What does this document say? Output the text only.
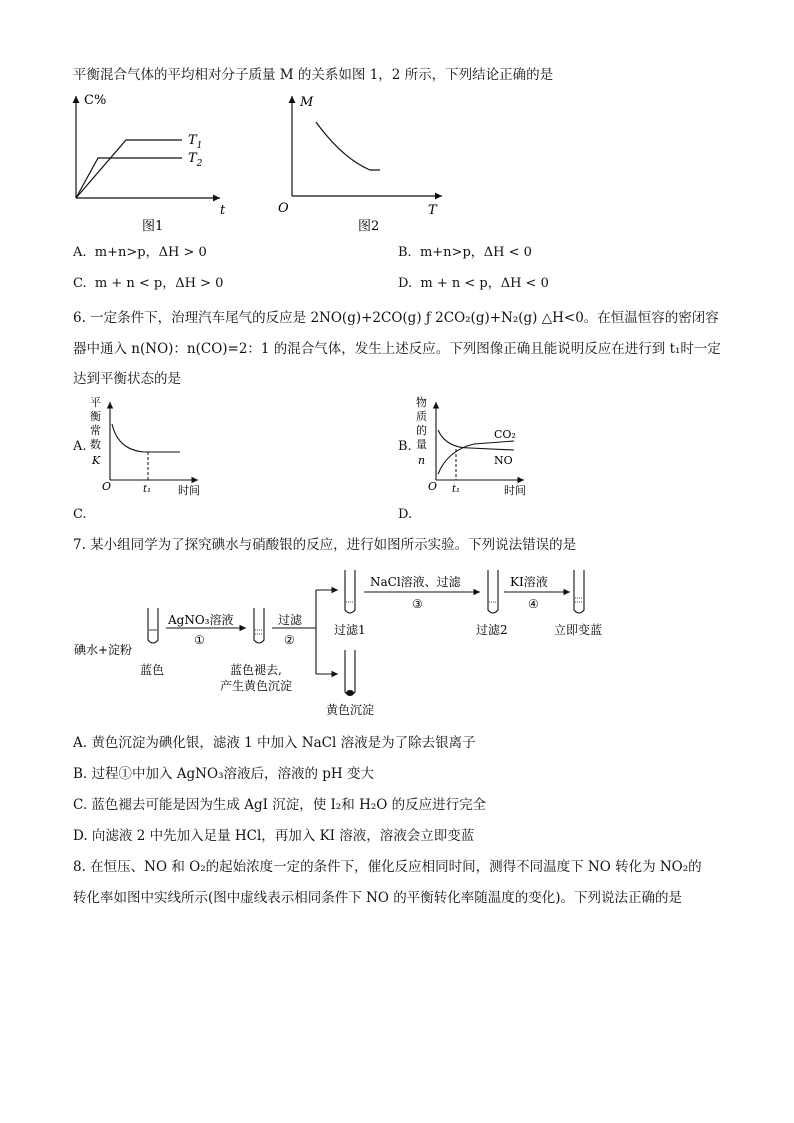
平衡混合气体的平均相对分子质量 M 的关系如图 1，2 所示，下列结论正确的是
C%
t
$T_1$
$T_2$
图1
M
T
O
图2
A. m+n>p，ΔH > 0	B. m+n>p，ΔH < 0
C. m + n < p，ΔH > 0	D. m + n < p，ΔH < 0
6. 一定条件下，治理汽车尾气的反应是 2NO(g)+2CO(g) ƒ 2CO₂(g)+N₂(g) △H<0。在恒温恒容的密闭容
器中通入 n(NO)：n(CO)=2：1 的混合气体，发生上述反应。下列图像正确且能说明反应在进行到 t₁时一定
达到平衡状态的是
A.
平
衡
常
数
K
O	t₁ 时间
B.
物
质
的
量
n
O t₁
CO₂
NO
时间
C.	D.
7. 某小组同学为了探究碘水与硝酸银的反应，进行如图所示实验。下列说法错误的是
碘水+淀粉
蓝色
AgNO₃溶液
①
蓝色褪去,
产生黄色沉淀
过滤
②
过滤1
黄色沉淀
NaCl溶液、过滤
③
过滤2
KI溶液
④
立即变蓝
A. 黄色沉淀为碘化银，滤液 1 中加入 NaCl 溶液是为了除去银离子
B. 过程①中加入 AgNO₃溶液后，溶液的 pH 变大
C. 蓝色褪去可能是因为生成 AgI 沉淀，使 I₂和 H₂O 的反应进行完全
D. 向滤液 2 中先加入足量 HCl，再加入 KI 溶液，溶液会立即变蓝
8. 在恒压、NO 和 O₂的起始浓度一定的条件下，催化反应相同时间，测得不同温度下 NO 转化为 NO₂的
转化率如图中实线所示(图中虚线表示相同条件下 NO 的平衡转化率随温度的变化)。下列说法正确的是
